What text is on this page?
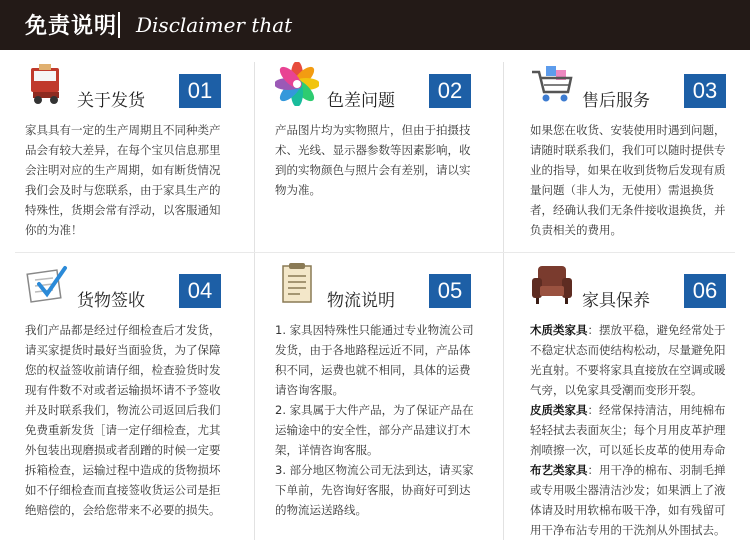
免责说明 Disclaimer that
关于发货	01
家具具有一定的生产周期且不同种类产品会有较大差异，在每个宝贝信息那里会注明对应的生产周期，如有断货情况我们会及时与您联系，由于家具生产的特殊性，货期会常有浮动，以客服通知你的为准！
色差问题	02
产品图片均为实物照片，但由于拍摄技术、光线、显示器参数等因素影响，收到的实物颜色与照片会有差别，请以实物为准。
售后服务	03
如果您在收货、安装使用时遇到问题，请随时联系我们，我们可以随时提供专业的指导，如果在收到货物后发现有质量问题（非人为，无使用）需退换货者，经确认我们无条件接收退换货，并负责相关的费用。
货物签收	04
我们产品都是经过仔细检查后才发货，请买家提货时最好当面验货，为了保障您的权益签收前请仔细，检查验货时发现有件数不对或者运输损坏请不予签收并及时联系我们，物流公司返回后我们免费重新发货［请一定仔细检查，尤其外包装出现磨损或者刮蹭的时候一定要拆箱检查，运输过程中造成的货物损坏如不仔细检查而直接签收货运公司是拒绝赔偿的，会给您带来不必要的损失。
物流说明	05

1. 家具因特殊性只能通过专业物流公司发货，由于各地路程远近不同，产品体积不同，运费也就不相同，具体的运费请咨询客服。

2. 家具属于大件产品，为了保证产品在运输途中的安全性，部分产品建议打木架，详情咨询客服。

3. 部分地区物流公司无法到达，请买家下单前，先咨询好客服，协商好可到达的物流运送路线。

家具保养	06

木质类家具：摆放平稳，避免经常处于不稳定状态而使结构松动，尽量避免阳光直射。不要将家具直接放在空调或暖气旁，以免家具受潮而变形开裂。

皮质类家具：经常保持清洁，用纯棉布轻轻拭去表面灰尘；每个月用皮革护理剂喷擦一次，可以延长皮革的使用寿命

布艺类家具：用干净的棉布、羽制毛掸或专用吸尘器清洁沙发；如果洒上了液体请及时用软棉布吸干净，如有残留可用干净布沾专用的干洗剂从外围拭去。
